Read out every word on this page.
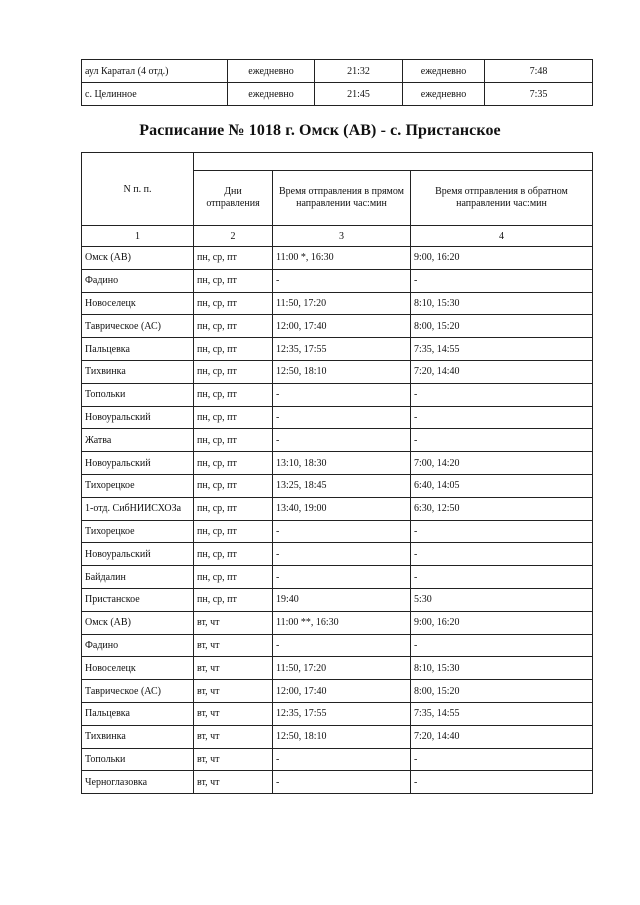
аул Каратал (4 отд.)	ежедневно	21:32	ежедневно	7:48
с. Целинное	ежедневно	21:45	ежедневно	7:35
Расписание № 1018 г. Омск (АВ) - с. Пристанское
N п. п.			
	Дни отправления	Время отправления в прямом направлении час:мин	Время отправления в обратном направлении час:мин
1	2	3	4
Омск (АВ)	пн, ср, пт	11:00 *, 16:30	9:00, 16:20
Фадино	пн, ср, пт	-	-
Новоселецк	пн, ср, пт	11:50, 17:20	8:10, 15:30
Таврическое (АС)	пн, ср, пт	12:00, 17:40	8:00, 15:20
Пальцевка	пн, ср, пт	12:35, 17:55	7:35, 14:55
Тихвинка	пн, ср, пт	12:50, 18:10	7:20, 14:40
Топольки	пн, ср, пт	-	-
Новоуральский	пн, ср, пт	-	-
Жатва	пн, ср, пт	-	-
Новоуральский	пн, ср, пт	13:10, 18:30	7:00, 14:20
Тихорецкое	пн, ср, пт	13:25, 18:45	6:40, 14:05
1-отд. СибНИИСХОЗа	пн, ср, пт	13:40, 19:00	6:30, 12:50
Тихорецкое	пн, ср, пт	-	-
Новоуральский	пн, ср, пт	-	-
Байдалин	пн, ср, пт	-	-
Пристанское	пн, ср, пт	19:40	5:30
Омск (АВ)	вт, чт	11:00 **, 16:30	9:00, 16:20
Фадино	вт, чт	-	-
Новоселецк	вт, чт	11:50, 17:20	8:10, 15:30
Таврическое (АС)	вт, чт	12:00, 17:40	8:00, 15:20
Пальцевка	вт, чт	12:35, 17:55	7:35, 14:55
Тихвинка	вт, чт	12:50, 18:10	7:20, 14:40
Топольки	вт, чт	-	-
Черноглазовка	вт, чт	-	-
